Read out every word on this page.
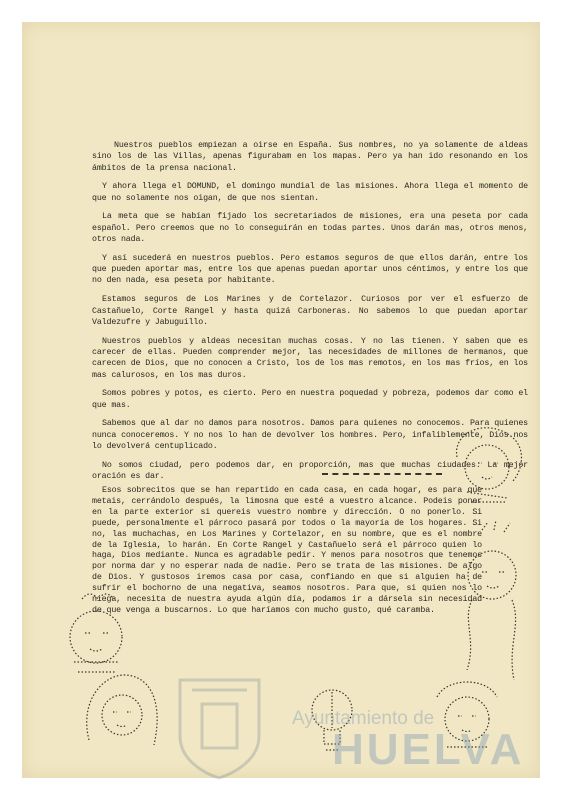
Nuestros pueblos empiezan a oirse en España. Sus nombres, no ya solamente de aldeas sino los de las Villas, apenas figurabam en los mapas. Pero ya han ido resonando en los ámbitos de la prensa nacional.

Y ahora llega el DOMUND, el domingo mundial de las misiones. Ahora llega el momento de que no solamente nos oigan, de que nos sientan.

La meta que se habían fijado los secretariados de misiones, era una peseta por cada español. Pero creemos que no lo conseguirán en todas partes. Unos darán mas, otros menos, otros nada.

Y así sucederá en nuestros pueblos. Pero estamos seguros de que ellos darán, entre los que pueden aportar mas, entre los que apenas puedan aportar unos céntimos, y entre los que no den nada, esa peseta por habitante.

Estamos seguros de Los Marines y de Cortelazor. Curiosos por ver el esfuerzo de Castañuelo, Corte Rangel y hasta quizá Carboneras. No sabemos lo que puedan aportar Valdezufre y Jabuguillo.

Nuestros pueblos y aldeas necesitan muchas cosas. Y no las tienen. Y saben que es carecer de ellas. Pueden comprender mejor, las necesidades de millones de hermanos, que carecen de Dios, que no conocen a Cristo, los de los mas remotos, en los mas fríos, en los mas calurosos, en los mas duros.

Somos pobres y potos, es cierto. Pero en nuestra poquedad y pobreza, podemos dar como el que mas.

Sabemos que al dar no damos para nosotros. Damos para quienes no conocemos. Para quienes nunca conoceremos. Y no nos lo han de devolver los hombres. Pero, infaliblemente, Dios nos lo devolverá centuplicado.

No somos ciudad, pero podemos dar, en proporción, mas que muchas ciudades. La mejor oración es dar.

Esos sobrecitos que se han repartido en cada casa, en cada hogar, es para que metais, cerrándolo después, la limosna que esté a vuestro alcance. Podeis poner en la parte exterior si quereis vuestro nombre y dirección. O no ponerlo. Si puede, personalmente el párroco pasará por todos o la mayoría de los hogares. Si no, las muchachas, en Los Marines y Cortelazor, en su nombre, que es el nombre de la Iglesia, lo harán. En Corte Rangel y Castañuelo será el párroco quien lo haga, Dios mediante. Nunca es agradable pedir. Y menos para nosotros que tenemos por norma dar y no esperar nada de nadie. Pero se trata de las misiones. De algo de Dios. Y gustosos iremos casa por casa, confiando en que si alguien ha de sufrir el bochorno de una negativa, seamos nosotros. Para que, si quien nos lo niega, necesita de nuestra ayuda algún día, podamos ir a dársela sin necesidad de que venga a buscarnos. Lo que haríamos con mucho gusto, qué caramba.

Ayuntamiento de
HUELVA
